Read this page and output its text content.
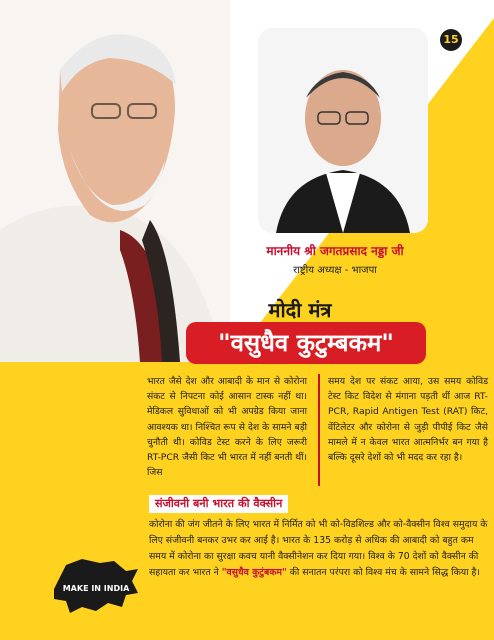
15
माननीय श्री जगतप्रसाद नड्डा जी
राष्ट्रीय अध्यक्ष - भाजपा
मोदी मंत्र
"वसुधैव कुटुम्बकम"
भारत जैसे देश और आबादी के मान से कोरोना संकट से निपटना कोई आसान टास्क नहीं था। मेडिकल सुविधाओं को भी अपग्रेड किया जाना आवश्यक था। निश्चित रूप से देश के सामने बड़ी चुनौती थी। कोविड टेस्ट करने के लिए जरूरी RT-PCR जैसी किट भी भारत में नहीं बनती थीं। जिस
समय देश पर संकट आया, उस समय कोविड टेस्ट किट विदेश से मंगाना पड़ती थीं आज RT-PCR, Rapid Antigen Test (RAT) किट, वेंटिलेटर और कोरोना से जुड़ी पीपीई किट जैसे मामले में न केवल भारत आत्मनिर्भर बन गया है बल्कि दूसरे देशों को भी मदद कर रहा है।
संजीवनी बनी भारत की वैक्सीन
कोरोना की जंग जीतने के लिए भारत में निर्मित को भी को-विडशिल्ड और को-वैक्सीन विश्व समुदाय के लिए संजीवनी बनकर उभर कर आई है। भारत के 135 करोड़ से अधिक की आबादी को बहुत कम समय में कोरोना का सुरक्षा कवच यानी वैक्सीनेशन कर दिया गया। विश्व के 70 देशों को वैक्सीन की सहायता कर भारत ने "वसुधैव कुटुंबकम" की सनातन परंपरा को विश्व मंच के सामने सिद्ध किया है।
MAKE IN INDIA
